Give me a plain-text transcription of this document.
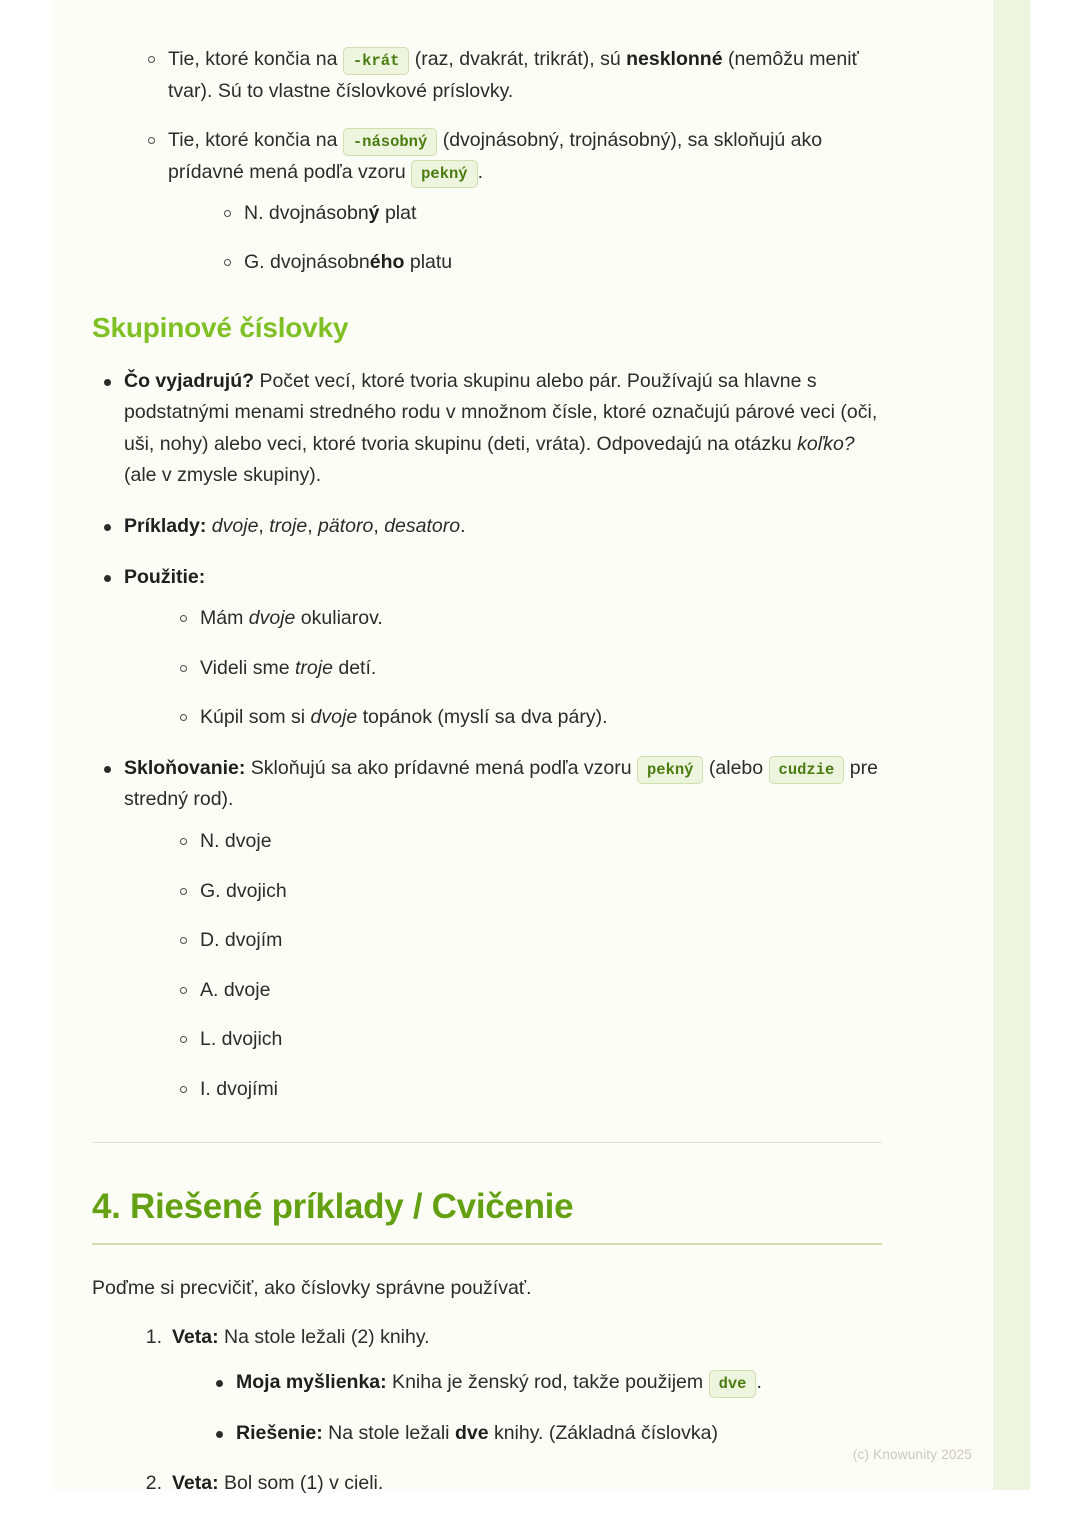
Tie, ktoré končia na -krát (raz, dvakrát, trikrát), sú nesklonné (nemôžu meniť tvar). Sú to vlastne číslovkové príslovky.
Tie, ktoré končia na -násobný (dvojnásobný, trojnásobný), sa skloňujú ako prídavné mená podľa vzoru pekný .
N. dvojnásobný plat
G. dvojnásobného platu
Skupinové číslovky
Čo vyjadrujú? Počet vecí, ktoré tvoria skupinu alebo pár. Používajú sa hlavne s podstatnými menami stredného rodu v množnom čísle, ktoré označujú párové veci (oči, uši, nohy) alebo veci, ktoré tvoria skupinu (deti, vráta). Odpovedajú na otázku koľko? (ale v zmysle skupiny).
Príklady: dvoje, troje, pätoro, desatoro.
Použitie:
Mám dvoje okuliarov.
Videli sme troje detí.
Kúpil som si dvoje topánok (myslí sa dva páry).
Skloňovanie: Skloňujú sa ako prídavné mená podľa vzoru pekný (alebo cudzie pre stredný rod).
N. dvoje
G. dvojich
D. dvojím
A. dvoje
L. dvojich
I. dvojími
4. Riešené príklady / Cvičenie

Poďme si precvičiť, ako číslovky správne používať.

Veta: Na stole ležali (2) knihy.
Moja myšlienka: Kniha je ženský rod, takže použijem dve .
Riešenie: Na stole ležali dve knihy. (Základná číslovka)
Veta: Bol som (1) v cieli.
(c) Knowunity 2025
